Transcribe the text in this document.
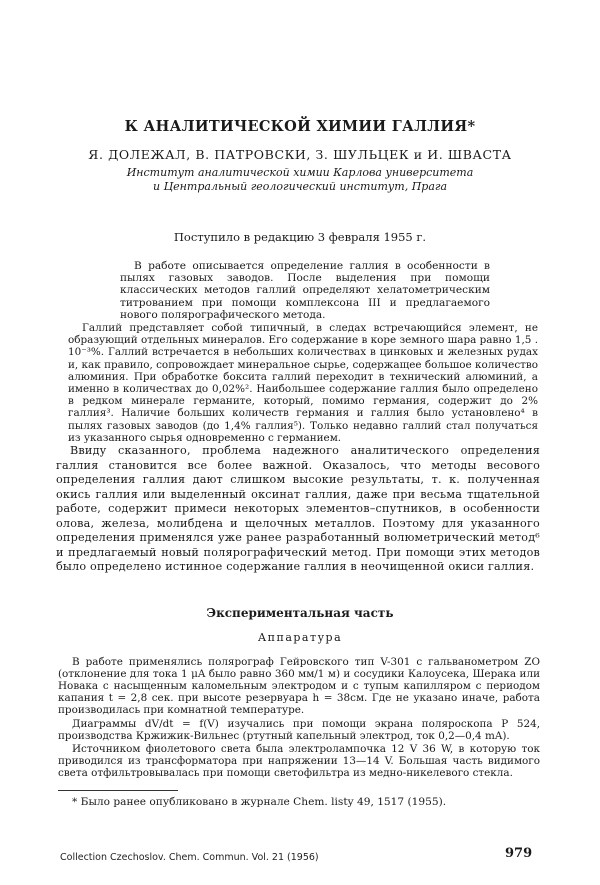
К АНАЛИТИЧЕСКОЙ ХИМИИ ГАЛЛИЯ*
Я. ДОЛЕЖАЛ, В. ПАТРОВСКИ, З. ШУЛЬЦЕК и И. ШВАСТА
Институт аналитической химии Карлова университета
и Центральный геологический институт, Прага
Поступило в редакцию 3 февраля 1955 г.
В работе описывается определение галлия в особенности в пылях газовых заводов. После выделения при помощи классических методов галлий определяют хелатометрическим титрованием при помощи комплексона III и предлагаемого нового полярографического метода.
Галлий представляет собой типичный, в следах встречающийся элемент, не образующий отдельных минералов. Его содержание в коре земного шара равно 1,5 . 10⁻³%. Галлий встречается в небольших количествах в цинковых и железных рудах и, как правило, сопровождает минеральное сырье, содержащее большое количество алюминия. При обработке боксита галлий переходит в технический алюминий, а именно в количествах до 0,02%². Наибольшее содержание галлия было определено в редком минерале германите, который, помимо германия, содержит до 2% галлия³. Наличие больших количеств германия и галлия было установлено⁴ в пылях газовых заводов (до 1,4% галлия⁵). Только недавно галлий стал получаться из указанного сырья одновременно с германием.
Ввиду сказанного, проблема надежного аналитического определения галлия становится все более важной. Оказалось, что методы весового определения галлия дают слишком высокие результаты, т. к. полученная окись галлия или выделенный оксинат галлия, даже при весьма тщательной работе, содержит примеси некоторых элементов–спутников, в особенности олова, железа, молибдена и щелочных металлов. Поэтому для указанного определения применялся уже ранее разработанный волюметрический метод⁶ и предлагаемый новый полярографический метод. При помощи этих методов было определено истинное содержание галлия в неочищенной окиси галлия.
Экспериментальная часть
Аппаратура
В работе применялись полярограф Гейровского тип V-301 с гальванометром ZO (отклонение для тока 1 μA было равно 360 мм/1 м) и сосудики Калоусека, Шерака или Новака с насыщенным каломельным электродом и с тупым капилляром с периодом капания t = 2,8 сек. при высоте резервуара h = 38см. Где не указано иначе, работа производилась при комнатной температуре.
Диаграммы dV/dt = f(V) изучались при помощи экрана поляроскопа P 524, производства Кржижик-Вильнес (ртутный капельный электрод, ток 0,2—0,4 mA).
Источником фиолетового света была электролампочка 12 V 36 W, в которую ток приводился из трансформатора при напряжении 13—14 V. Большая часть видимого света отфильтровывалась при помощи светофильтра из медно-никелевого стекла.
* Было ранее опубликовано в журнале Chem. listy 49, 1517 (1955).
Collection Czechoslov. Chem. Commun. Vol. 21 (1956)	979
